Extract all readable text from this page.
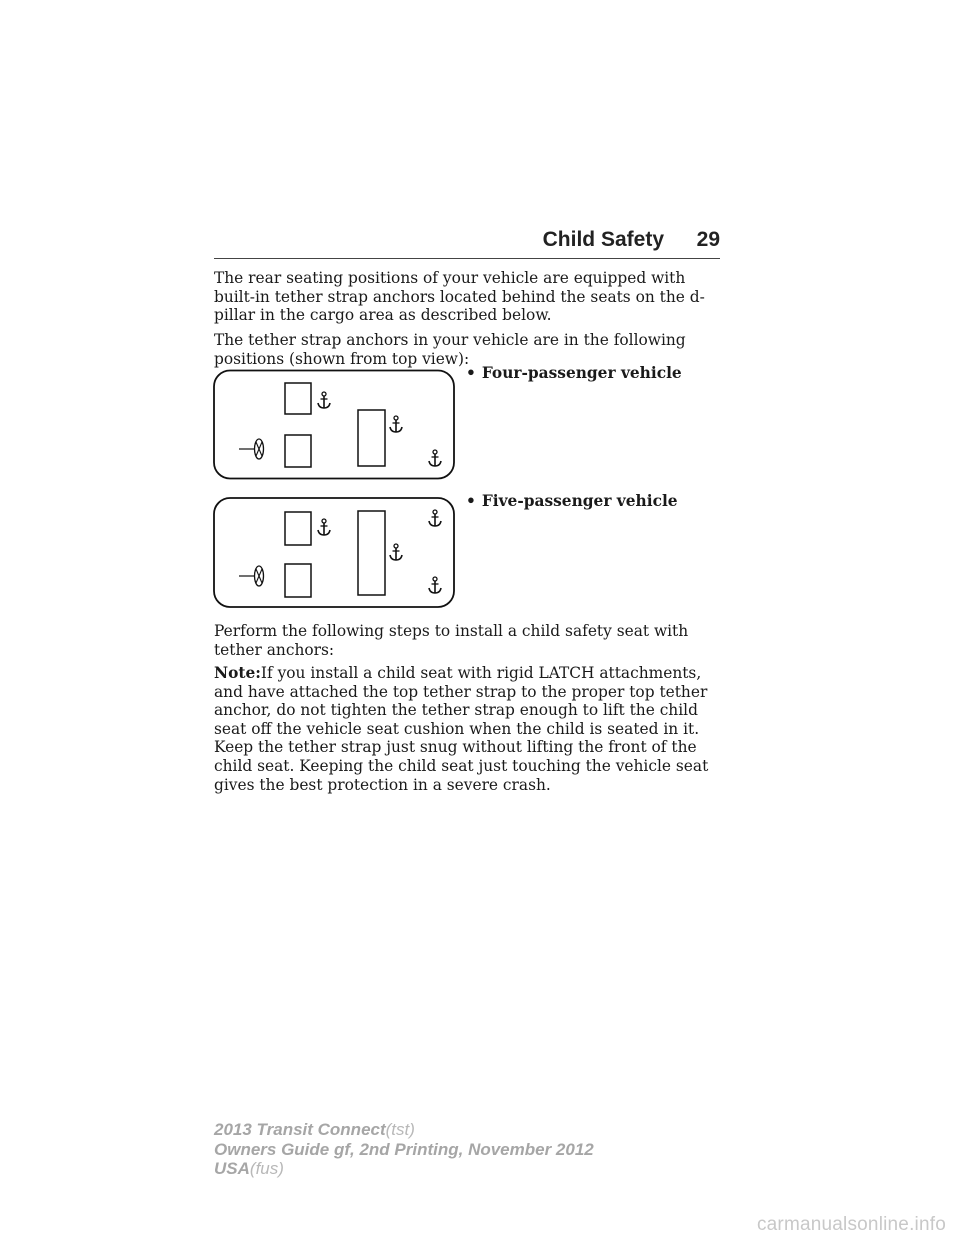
Child Safety 29

The rear seating positions of your vehicle are equipped with built-in tether strap anchors located behind the seats on the d-pillar in the cargo area as described below.

The tether strap anchors in your vehicle are in the following positions (shown from top view):

• Four-passenger vehicle
• Five-passenger vehicle

Perform the following steps to install a child safety seat with tether anchors:

Note:If you install a child seat with rigid LATCH attachments, and have attached the top tether strap to the proper top tether anchor, do not tighten the tether strap enough to lift the child seat off the vehicle seat cushion when the child is seated in it. Keep the tether strap just snug without lifting the front of the child seat. Keeping the child seat just touching the vehicle seat gives the best protection in a severe crash.

2013 Transit Connect(tst)
Owners Guide gf, 2nd Printing, November 2012
USA(fus)
carmanualsonline.info
